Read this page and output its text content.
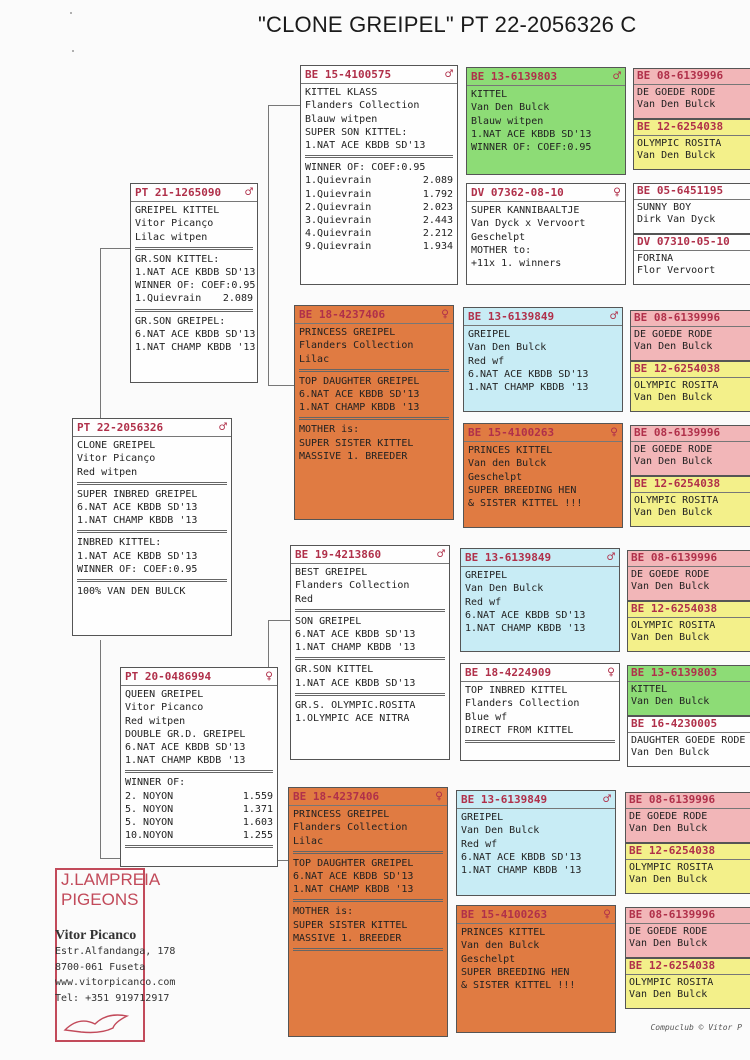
"CLONE GREIPEL" PT 22-2056326 C
PT 22-2056326	♂
CLONE GREIPEL
Vitor Picanço
Red witpen
SUPER INBRED GREIPEL
6.NAT ACE KBDB SD'13
1.NAT CHAMP KBDB '13
INBRED KITTEL:
1.NAT ACE KBDB SD'13
WINNER OF: COEF:0.95
100% VAN DEN BULCK
PT 21-1265090 ♂
GREIPEL KITTEL
Vitor Picanço
Lilac witpen
GR.SON KITTEL:
1.NAT ACE KBDB SD'13
WINNER OF: COEF:0.95
1.Quievrain 2.089
GR.SON GREIPEL:
6.NAT ACE KBDB SD'13
1.NAT CHAMP KBDB '13
PT 20-0486994	♀
QUEEN GREIPEL
Vitor Picanco
Red witpen
DOUBLE GR.D. GREIPEL
6.NAT ACE KBDB SD'13
1.NAT CHAMP KBDB '13
WINNER OF:
2. NOYON	1.559
5. NOYON	1.371
5. NOYON	1.603
10.NOYON	1.255
BE 15-4100575	♂
KITTEL KLASS
Flanders Collection
Blauw witpen
SUPER SON KITTEL:
1.NAT ACE KBDB SD'13
WINNER OF: COEF:0.95
1.Quievrain	2.089
1.Quievrain	1.792
2.Quievrain	2.023
3.Quievrain	2.443
4.Quievrain	2.212
9.Quievrain	1.934
BE 18-4237406	♀
PRINCESS GREIPEL
Flanders Collection
Lilac
TOP DAUGHTER GREIPEL
6.NAT ACE KBDB SD'13
1.NAT CHAMP KBDB '13
MOTHER is:
SUPER SISTER KITTEL
MASSIVE 1. BREEDER
BE 19-4213860	♂
BEST GREIPEL
Flanders Collection
Red
SON GREIPEL
6.NAT ACE KBDB SD'13
1.NAT CHAMP KBDB '13
GR.SON KITTEL
1.NAT ACE KBDB SD'13
GR.S. OLYMPIC.ROSITA
1.OLYMPIC ACE NITRA
BE 18-4237406	♀
PRINCESS GREIPEL
Flanders Collection
Lilac
TOP DAUGHTER GREIPEL
6.NAT ACE KBDB SD'13
1.NAT CHAMP KBDB '13
MOTHER is:
SUPER SISTER KITTEL
MASSIVE 1. BREEDER
BE 13-6139803	♂
KITTEL
Van Den Bulck
Blauw witpen
1.NAT ACE KBDB SD'13
WINNER OF: COEF:0.95
DV 07362-08-10	♀
SUPER KANNIBAALTJE
Van Dyck x Vervoort
Geschelpt
MOTHER to:
+11x 1. winners
BE 13-6139849	♂
GREIPEL
Van Den Bulck
Red wf
6.NAT ACE KBDB SD'13
1.NAT CHAMP KBDB '13
BE 15-4100263	♀
PRINCES KITTEL
Van den Bulck
Geschelpt
SUPER BREEDING HEN
& SISTER KITTEL !!!
BE 13-6139849	♂
GREIPEL
Van Den Bulck
Red wf
6.NAT ACE KBDB SD'13
1.NAT CHAMP KBDB '13
BE 18-4224909	♀
TOP INBRED KITTEL
Flanders Collection
Blue wf
DIRECT FROM KITTEL
BE 13-6139849	♂
GREIPEL
Van Den Bulck
Red wf
6.NAT ACE KBDB SD'13
1.NAT CHAMP KBDB '13
BE 15-4100263	♀
PRINCES KITTEL
Van den Bulck
Geschelpt
SUPER BREEDING HEN
& SISTER KITTEL !!!
BE 08-6139996
DE GOEDE RODE
Van Den Bulck
BE 12-6254038
OLYMPIC ROSITA
Van Den Bulck
BE 05-6451195
SUNNY BOY
Dirk Van Dyck
DV 07310-05-10
FORINA
Flor Vervoort
BE 08-6139996
DE GOEDE RODE
Van Den Bulck
BE 12-6254038
OLYMPIC ROSITA
Van Den Bulck
BE 08-6139996
DE GOEDE RODE
Van Den Bulck
BE 12-6254038
OLYMPIC ROSITA
Van Den Bulck
BE 08-6139996
DE GOEDE RODE
Van Den Bulck
BE 12-6254038
OLYMPIC ROSITA
Van Den Bulck
BE 13-6139803
KITTEL
Van Den Bulck
BE 16-4230005
DAUGHTER GOEDE RODE
Van Den Bulck
BE 08-6139996
DE GOEDE RODE
Van Den Bulck
BE 12-6254038
OLYMPIC ROSITA
Van Den Bulck
BE 08-6139996
DE GOEDE RODE
Van Den Bulck
BE 12-6254038
OLYMPIC ROSITA
Van Den Bulck
J.LAMPREIA
PIGEONS
Vitor Picanco
Estr.Alfandanga, 178
8700-061 Fuseta
www.vitorpicanco.com
Tel: +351 919712917
Compuclub © Vitor P
